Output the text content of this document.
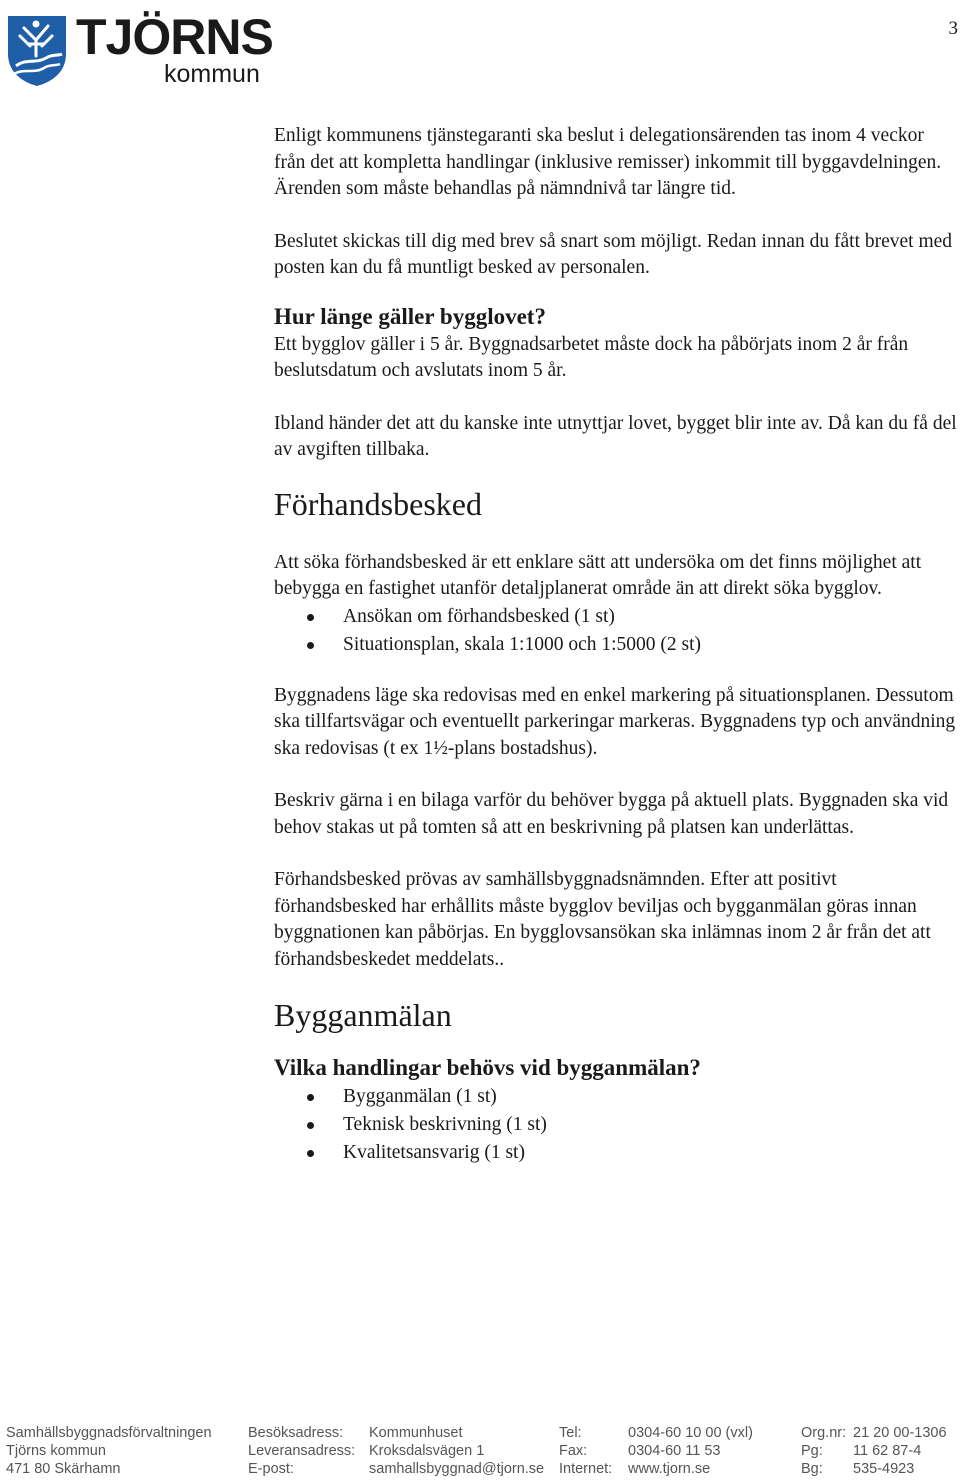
TJÖRNS
kommun
3

Enligt kommunens tjänstegaranti ska beslut i delegationsärenden tas inom 4 veckor från det att kompletta handlingar (inklusive remisser) inkommit till byggavdelningen. Ärenden som måste behandlas på nämndnivå tar längre tid.

Beslutet skickas till dig med brev så snart som möjligt. Redan innan du fått brevet med posten kan du få muntligt besked av personalen.

Hur länge gäller bygglovet?

Ett bygglov gäller i 5 år. Byggnadsarbetet måste dock ha påbörjats inom 2 år från beslutsdatum och avslutats inom 5 år.

Ibland händer det att du kanske inte utnyttjar lovet, bygget blir inte av. Då kan du få del av avgiften tillbaka.

Förhandsbesked

Att söka förhandsbesked är ett enklare sätt att undersöka om det finns möjlighet att bebygga en fastighet utanför detaljplanerat område än att direkt söka bygglov.

Ansökan om förhandsbesked (1 st)
Situationsplan, skala 1:1000 och 1:5000 (2 st)

Byggnadens läge ska redovisas med en enkel markering på situationsplanen. Dessutom ska tillfartsvägar och eventuellt parkeringar markeras. Byggnadens typ och användning ska redovisas (t ex 1½-plans bostadshus).

Beskriv gärna i en bilaga varför du behöver bygga på aktuell plats. Byggnaden ska vid behov stakas ut på tomten så att en beskrivning på platsen kan underlättas.

Förhandsbesked prövas av samhällsbyggnadsnämnden. Efter att positivt förhandsbesked har erhållits måste bygglov beviljas och bygganmälan göras innan byggnationen kan påbörjas. En bygglovsansökan ska inlämnas inom 2 år från det att förhandsbeskedet meddelats..

Bygganmälan

Vilka handlingar behövs vid bygganmälan?

Bygganmälan (1 st)
Teknisk beskrivning (1 st)
Kvalitetsansvarig (1 st)
Samhällsbyggnadsförvaltningen	Besöksadress: Kommunhuset	Tel:	0304-60 10 00 (vxl)	Org.nr: 21 20 00-1306
Tjörns kommun	Leveransadress: Kroksdalsvägen 1	Fax:	0304-60 11 53	Pg: 11 62 87-4
471 80 Skärhamn	E-post:	samhallsbyggnad@tjorn.se Internet: www.tjorn.se	Bg: 535-4923
